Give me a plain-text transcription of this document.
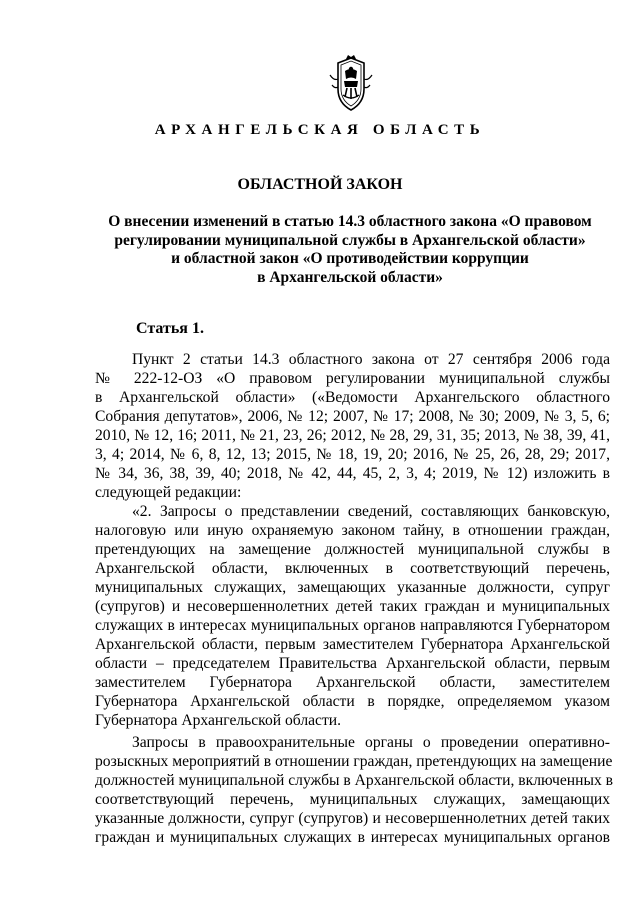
АРХАНГЕЛЬСКАЯ ОБЛАСТЬ
ОБЛАСТНОЙ ЗАКОН
О внесении изменений в статью 14.3 областного закона «О правовом
регулировании муниципальной службы в Архангельской области»
и областной закон «О противодействии коррупции
в Архангельской области»
Статья 1.
Пункт 2 статьи 14.3 областного закона от 27 сентября 2006 года
№ 222-12-ОЗ «О правовом регулировании муниципальной службы
в Архангельской области» («Ведомости Архангельского областного
Собрания депутатов», 2006, № 12; 2007, № 17; 2008, № 30; 2009, № 3, 5, 6;
2010, № 12, 16; 2011, № 21, 23, 26; 2012, № 28, 29, 31, 35; 2013, № 38, 39, 41,
3, 4; 2014, № 6, 8, 12, 13; 2015, № 18, 19, 20; 2016, № 25, 26, 28, 29; 2017,
№ 34, 36, 38, 39, 40; 2018, № 42, 44, 45, 2, 3, 4; 2019, № 12) изложить в
следующей редакции:
«2. Запросы о представлении сведений, составляющих банковскую,
налоговую или иную охраняемую законом тайну, в отношении граждан,
претендующих на замещение должностей муниципальной службы в
Архангельской области, включенных в соответствующий перечень,
муниципальных служащих, замещающих указанные должности, супруг
(супругов) и несовершеннолетних детей таких граждан и муниципальных
служащих в интересах муниципальных органов направляются Губернатором
Архангельской области, первым заместителем Губернатора Архангельской
области – председателем Правительства Архангельской области, первым
заместителем Губернатора Архангельской области, заместителем
Губернатора Архангельской области в порядке, определяемом указом
Губернатора Архангельской области.
Запросы в правоохранительные органы о проведении оперативно-
розыскных мероприятий в отношении граждан, претендующих на замещение
должностей муниципальной службы в Архангельской области, включенных в
соответствующий перечень, муниципальных служащих, замещающих
указанные должности, супруг (супругов) и несовершеннолетних детей таких
граждан и муниципальных служащих в интересах муниципальных органов
